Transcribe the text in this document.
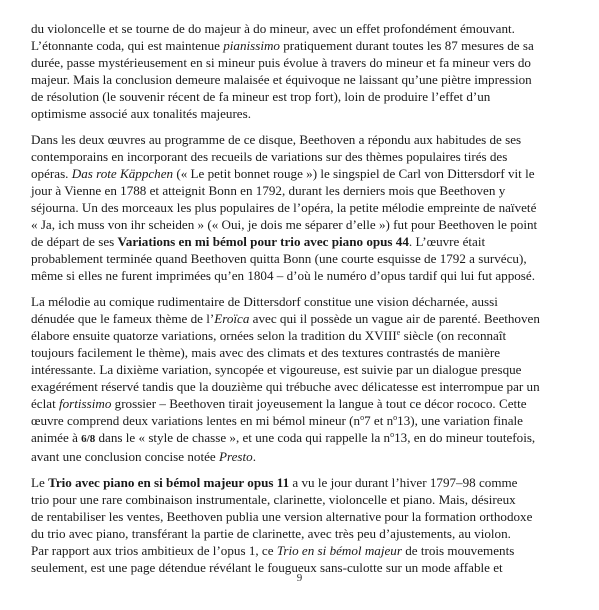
du violoncelle et se tourne de do majeur à do mineur, avec un effet profondément émouvant.
L’étonnante coda, qui est maintenue pianissimo pratiquement durant toutes les 87 mesures de sa
durée, passe mystérieusement en si mineur puis évolue à travers do mineur et fa mineur vers do
majeur. Mais la conclusion demeure malaisée et équivoque ne laissant qu’une piètre impression
de résolution (le souvenir récent de fa mineur est trop fort), loin de produire l’effet d’un
optimisme associé aux tonalités majeures.

Dans les deux œuvres au programme de ce disque, Beethoven a répondu aux habitudes de ses
contemporains en incorporant des recueils de variations sur des thèmes populaires tirés des
opéras. Das rote Käppchen (« Le petit bonnet rouge ») le singspiel de Carl von Dittersdorf vit le
jour à Vienne en 1788 et atteignit Bonn en 1792, durant les derniers mois que Beethoven y
séjourna. Un des morceaux les plus populaires de l’opéra, la petite mélodie empreinte de naïveté
« Ja, ich muss von ihr scheiden » (« Oui, je dois me séparer d’elle ») fut pour Beethoven le point
de départ de ses Variations en mi bémol pour trio avec piano opus 44. L’œuvre était
probablement terminée quand Beethoven quitta Bonn (une courte esquisse de 1792 a survécu),
même si elles ne furent imprimées qu’en 1804 – d’où le numéro d’opus tardif qui lui fut apposé.

La mélodie au comique rudimentaire de Dittersdorf constitue une vision décharnée, aussi
dénudée que le fameux thème de l’Eroïca avec qui il possède un vague air de parenté. Beethoven
élabore ensuite quatorze variations, ornées selon la tradition du XVIIIe siècle (on reconnaît
toujours facilement le thème), mais avec des climats et des textures contrastés de manière
intéressante. La dixième variation, syncopée et vigoureuse, est suivie par un dialogue presque
exagérément réservé tandis que la douzième qui trébuche avec délicatesse est interrompue par un
éclat fortissimo grossier – Beethoven tirait joyeusement la langue à tout ce décor rococo. Cette
œuvre comprend deux variations lentes en mi bémol mineur ($n^o7$ et $n^o13$), une variation finale
animée à 6/8 dans le « style de chasse », et une coda qui rappelle la $n^o13$, en do mineur toutefois,
avant une conclusion concise notée Presto.

Le Trio avec piano en si bémol majeur opus 11 a vu le jour durant l’hiver 1797–98 comme
trio pour une rare combinaison instrumentale, clarinette, violoncelle et piano. Mais, désireux
de rentabiliser les ventes, Beethoven publia une version alternative pour la formation orthodoxe
du trio avec piano, transférant la partie de clarinette, avec très peu d’ajustements, au violon.
Par rapport aux trios ambitieux de l’opus 1, ce Trio en si bémol majeur de trois mouvements
seulement, est une page détendue révélant le fougueux sans-culotte sur un mode affable et

9
